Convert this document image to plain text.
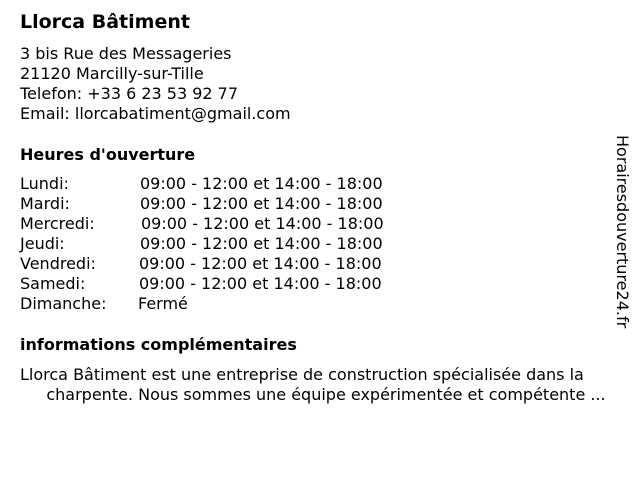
Llorca Bâtiment
3 bis Rue des Messageries
21120 Marcilly-sur-Tille
Telefon: +33 6 23 53 92 77
Email: llorcabatiment@gmail.com
Heures d'ouverture
Lundi:	09:00 - 12:00 et 14:00 - 18:00
Mardi:	09:00 - 12:00 et 14:00 - 18:00
Mercredi:	09:00 - 12:00 et 14:00 - 18:00
Jeudi:	09:00 - 12:00 et 14:00 - 18:00
Vendredi:	09:00 - 12:00 et 14:00 - 18:00
Samedi:	09:00 - 12:00 et 14:00 - 18:00
Dimanche: Fermé
informations complémentaires
Llorca Bâtiment est une entreprise de construction spécialisée dans la
charpente. Nous sommes une équipe expérimentée et compétente ...
Horairesdouverture24.fr
